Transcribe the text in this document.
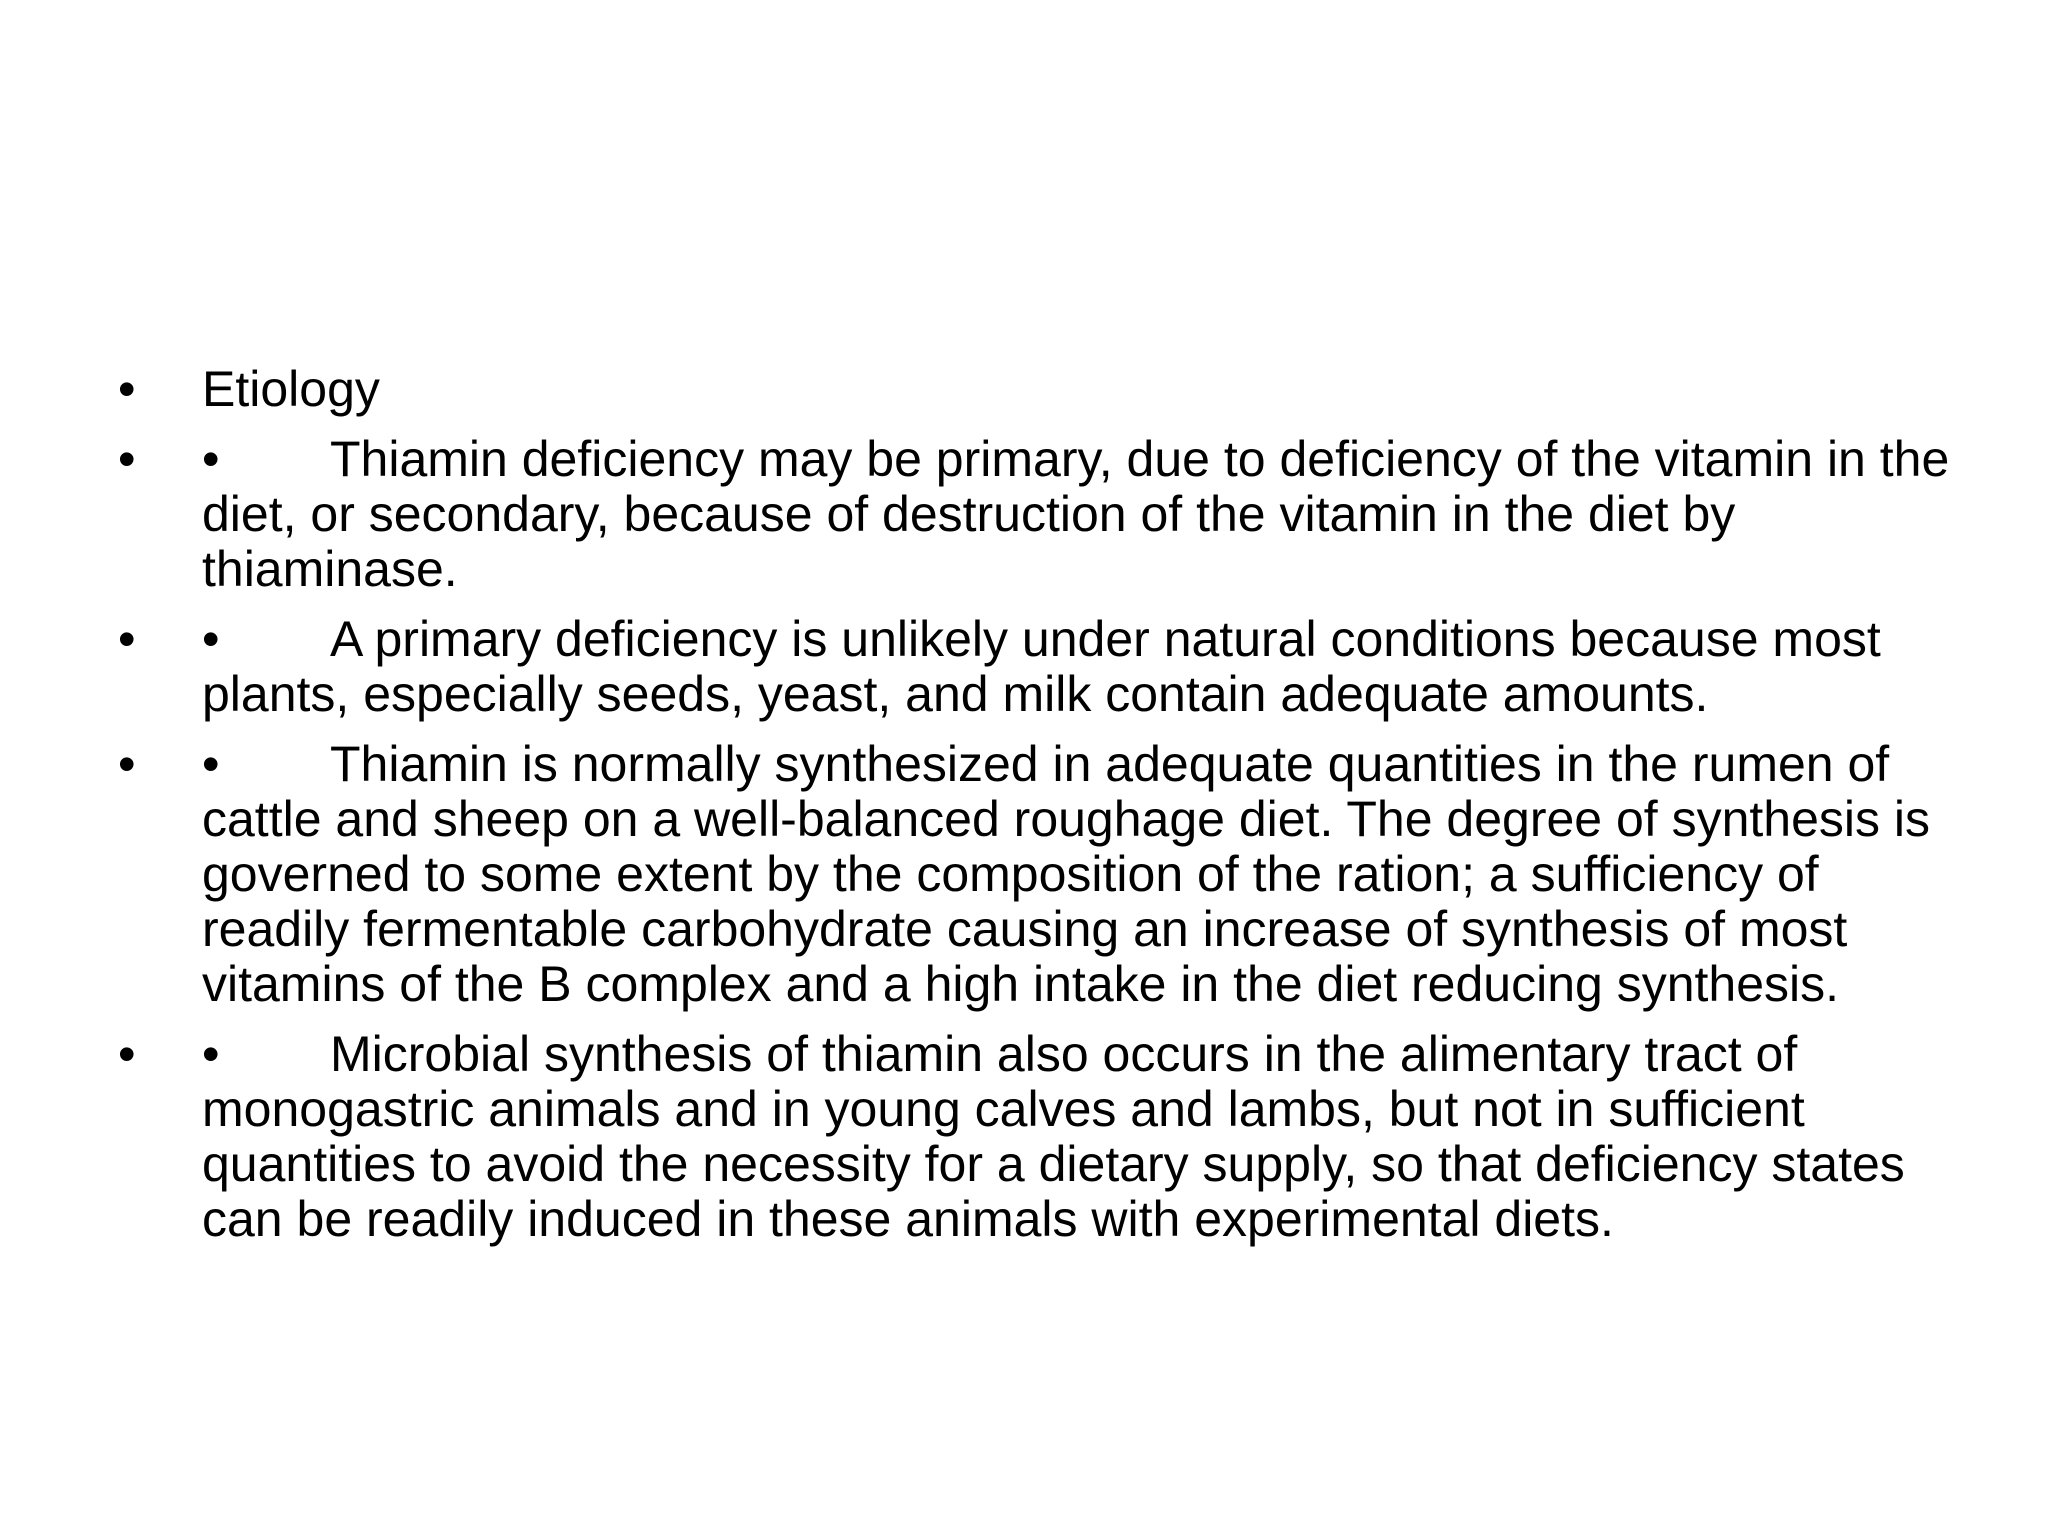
•	Etiology
•	• Thiamin deficiency may be primary, due to deficiency of the vitamin in the diet, or secondary, because of destruction of the vitamin in the diet by thiaminase.
•	• A primary deficiency is unlikely under natural conditions because most plants, especially seeds, yeast, and milk contain adequate amounts.
•	• Thiamin is normally synthesized in adequate quantities in the rumen of cattle and sheep on a well-balanced roughage diet. The degree of synthesis is governed to some extent by the composition of the ration; a sufficiency of readily fermentable carbohydrate causing an increase of synthesis of most vitamins of the B complex and a high intake in the diet reducing synthesis.
•	• Microbial synthesis of thiamin also occurs in the alimentary tract of monogastric animals and in young calves and lambs, but not in sufficient quantities to avoid the necessity for a dietary supply, so that deficiency states can be readily induced in these animals with experimental diets.
